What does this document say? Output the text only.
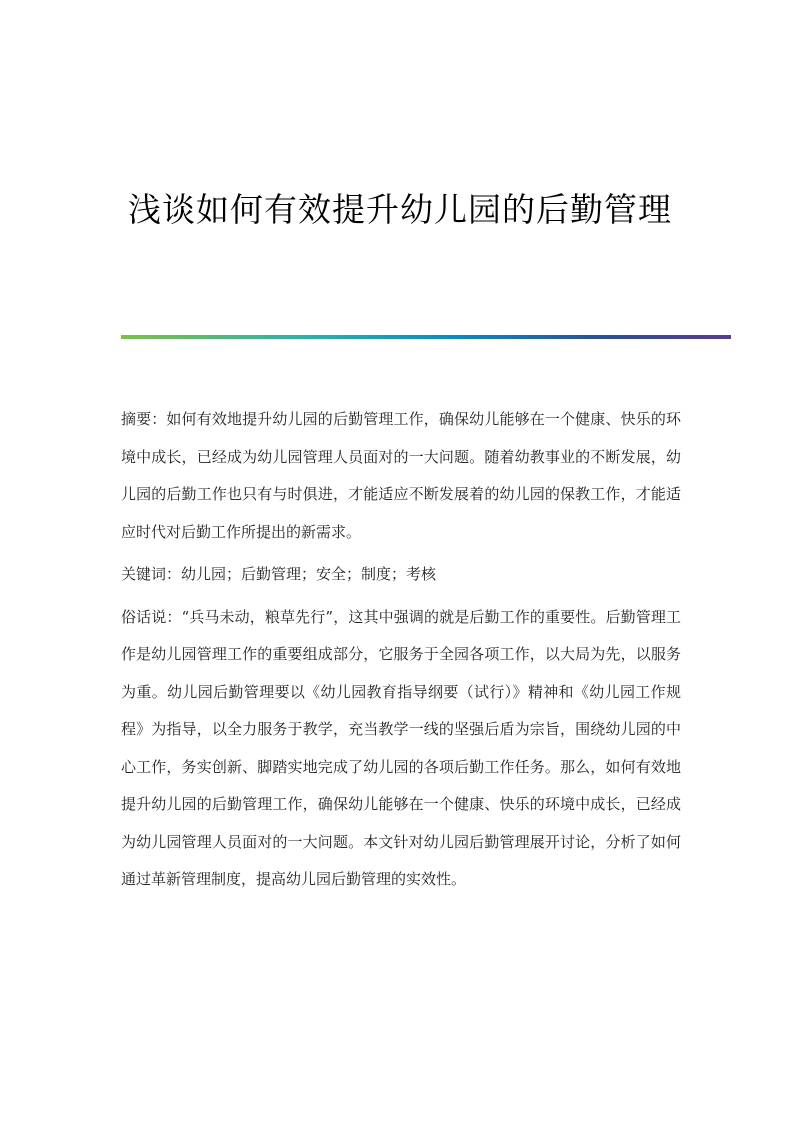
浅谈如何有效提升幼儿园的后勤管理

摘要：如何有效地提升幼儿园的后勤管理工作，确保幼儿能够在一个健康、快乐的环境中成长，已经成为幼儿园管理人员面对的一大问题。随着幼教事业的不断发展，幼儿园的后勤工作也只有与时俱进，才能适应不断发展着的幼儿园的保教工作，才能适应时代对后勤工作所提出的新需求。

关键词：幼儿园；后勤管理；安全；制度；考核

俗话说：“兵马未动，粮草先行”，这其中强调的就是后勤工作的重要性。后勤管理工作是幼儿园管理工作的重要组成部分，它服务于全园各项工作，以大局为先，以服务为重。幼儿园后勤管理要以《幼儿园教育指导纲要（试行）》精神和《幼儿园工作规程》为指导，以全力服务于教学，充当教学一线的坚强后盾为宗旨，围绕幼儿园的中心工作，务实创新、脚踏实地完成了幼儿园的各项后勤工作任务。那么，如何有效地提升幼儿园的后勤管理工作，确保幼儿能够在一个健康、快乐的环境中成长，已经成为幼儿园管理人员面对的一大问题。本文针对幼儿园后勤管理展开讨论，分析了如何通过革新管理制度，提高幼儿园后勤管理的实效性。
